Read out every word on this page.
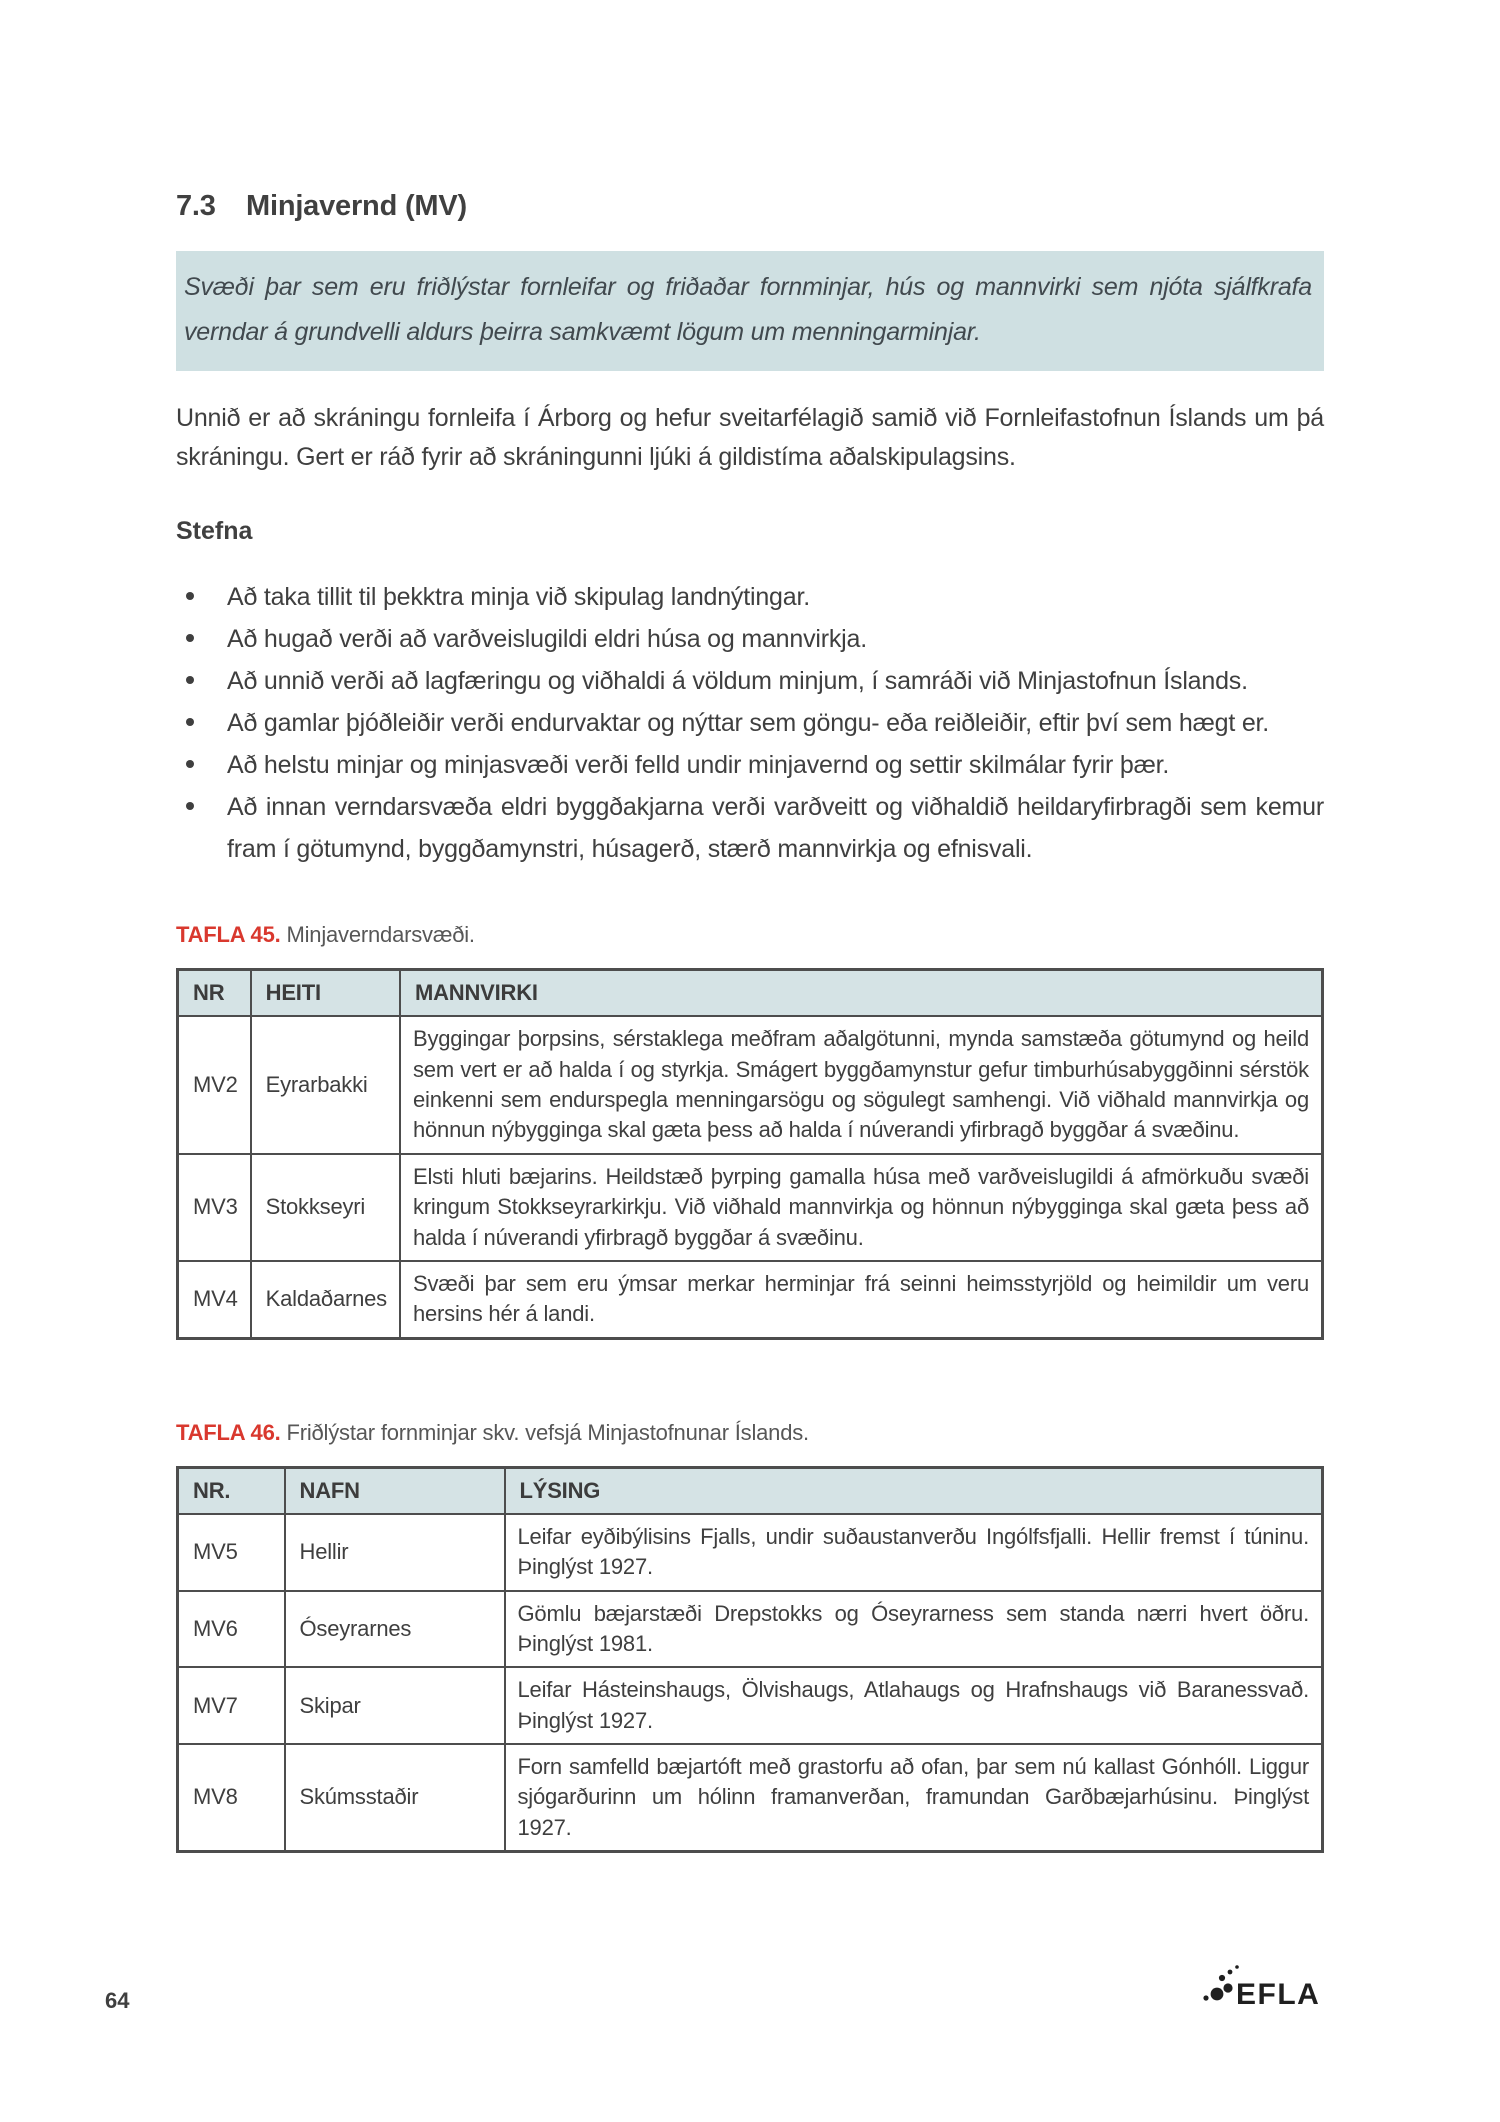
7.3	Minjavernd (MV)
Svæði þar sem eru friðlýstar fornleifar og friðaðar fornminjar, hús og mannvirki sem njóta sjálfkrafa verndar á grundvelli aldurs þeirra samkvæmt lögum um menningarminjar.

Unnið er að skráningu fornleifa í Árborg og hefur sveitarfélagið samið við Fornleifastofnun Íslands um þá skráningu. Gert er ráð fyrir að skráningunni ljúki á gildistíma aðalskipulagsins.

Stefna
Að taka tillit til þekktra minja við skipulag landnýtingar.
Að hugað verði að varðveislugildi eldri húsa og mannvirkja.
Að unnið verði að lagfæringu og viðhaldi á völdum minjum, í samráði við Minjastofnun Íslands.
Að gamlar þjóðleiðir verði endurvaktar og nýttar sem göngu- eða reiðleiðir, eftir því sem hægt er.
Að helstu minjar og minjasvæði verði felld undir minjavernd og settir skilmálar fyrir þær.
Að innan verndarsvæða eldri byggðakjarna verði varðveitt og viðhaldið heildaryfirbragði sem kemur fram í götumynd, byggðamynstri, húsagerð, stærð mannvirkja og efnisvali.

TAFLA 45. Minjaverndarsvæði.

NR	HEITI	MANNVIRKI
MV2	Eyrarbakki	Byggingar þorpsins, sérstaklega meðfram aðalgötunni, mynda samstæða götumynd og heild sem vert er að halda í og styrkja. Smágert byggðamynstur gefur timburhúsabyggðinni sérstök einkenni sem endurspegla menningarsögu og sögulegt samhengi. Við viðhald mannvirkja og hönnun nýbygginga skal gæta þess að halda í núverandi yfirbragð byggðar á svæðinu.
MV3	Stokkseyri	Elsti hluti bæjarins. Heildstæð þyrping gamalla húsa með varðveislugildi á afmörkuðu svæði kringum Stokkseyrarkirkju. Við viðhald mannvirkja og hönnun nýbygginga skal gæta þess að halda í núverandi yfirbragð byggðar á svæðinu.
MV4	Kaldaðarnes	Svæði þar sem eru ýmsar merkar herminjar frá seinni heimsstyrjöld og heimildir um veru hersins hér á landi.

TAFLA 46. Friðlýstar fornminjar skv. vefsjá Minjastofnunar Íslands.

NR.	NAFN	LÝSING
MV5	Hellir	Leifar eyðibýlisins Fjalls, undir suðaustanverðu Ingólfsfjalli. Hellir fremst í túninu. Þinglýst 1927.
MV6	Óseyrarnes	Gömlu bæjarstæði Drepstokks og Óseyrarness sem standa nærri hvert öðru. Þinglýst 1981.
MV7	Skipar	Leifar Hásteinshaugs, Ölvishaugs, Atlahaugs og Hrafnshaugs við Baranessvað. Þinglýst 1927.
MV8	Skúmsstaðir	Forn samfelld bæjartóft með grastorfu að ofan, þar sem nú kallast Gónhóll. Liggur sjógarðurinn um hólinn framanverðan, framundan Garðbæjarhúsinu. Þinglýst 1927.
64	EFLA
